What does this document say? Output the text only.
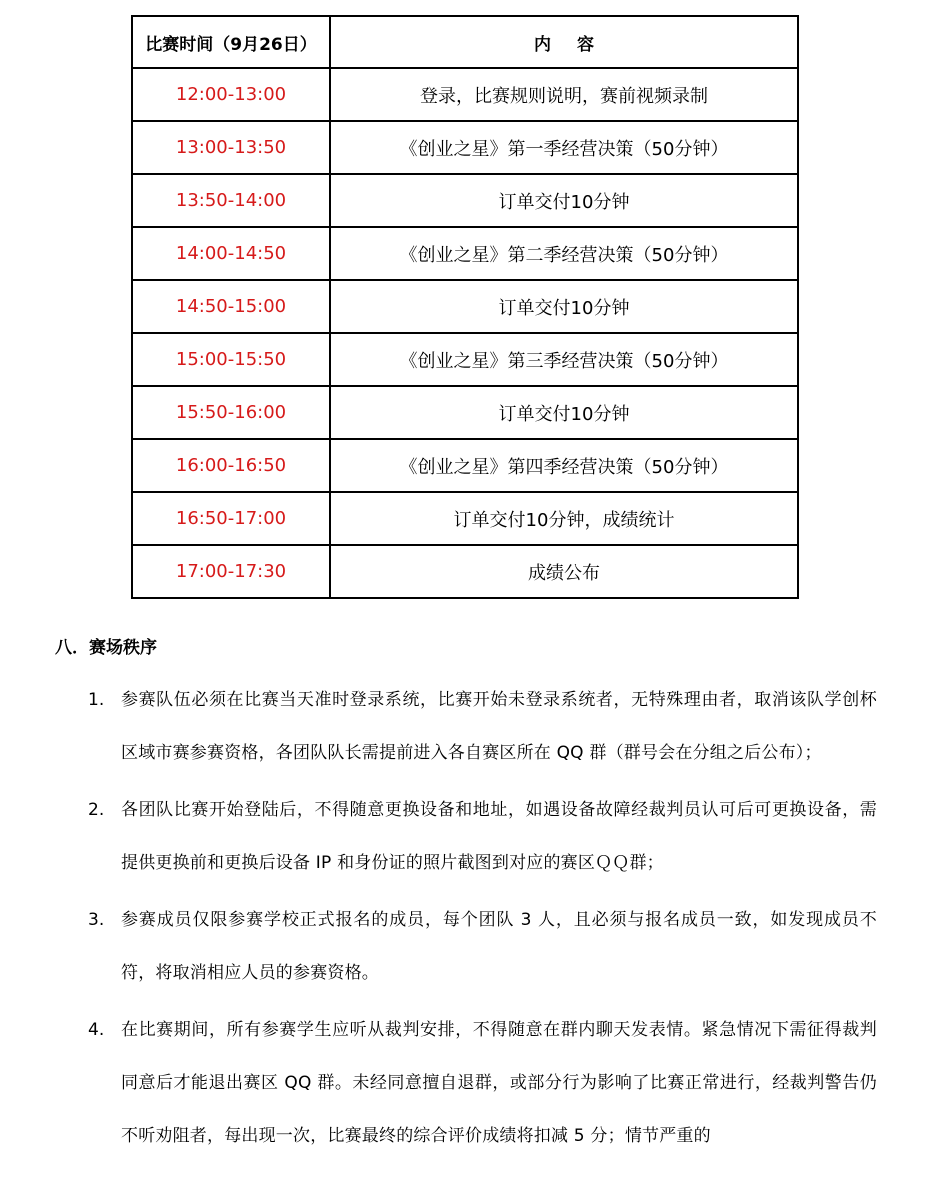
比赛时间（9月26日）	内容
12:00-13:00	登录，比赛规则说明，赛前视频录制
13:00-13:50	《创业之星》第一季经营决策（50分钟）
13:50-14:00	订单交付10分钟
14:00-14:50	《创业之星》第二季经营决策（50分钟）
14:50-15:00	订单交付10分钟
15:00-15:50	《创业之星》第三季经营决策（50分钟）
15:50-16:00	订单交付10分钟
16:00-16:50	《创业之星》第四季经营决策（50分钟）
16:50-17:00	订单交付10分钟，成绩统计
17:00-17:30	成绩公布
八．赛场秩序
1. 参赛队伍必须在比赛当天准时登录系统，比赛开始未登录系统者，无特殊理由者，取消该队学创杯区域市赛参赛资格，各团队队长需提前进入各自赛区所在 QQ 群（群号会在分组之后公布）；
2. 各团队比赛开始登陆后，不得随意更换设备和地址，如遇设备故障经裁判员认可后可更换设备，需提供更换前和更换后设备 IP 和身份证的照片截图到对应的赛区ＱＱ群；
3. 参赛成员仅限参赛学校正式报名的成员，每个团队 3 人，且必须与报名成员一致，如发现成员不符，将取消相应人员的参赛资格。
4. 在比赛期间，所有参赛学生应听从裁判安排，不得随意在群内聊天发表情。紧急情况下需征得裁判同意后才能退出赛区 QQ 群。未经同意擅自退群，或部分行为影响了比赛正常进行，经裁判警告仍不听劝阻者，每出现一次，比赛最终的综合评价成绩将扣减 5 分；情节严重的
